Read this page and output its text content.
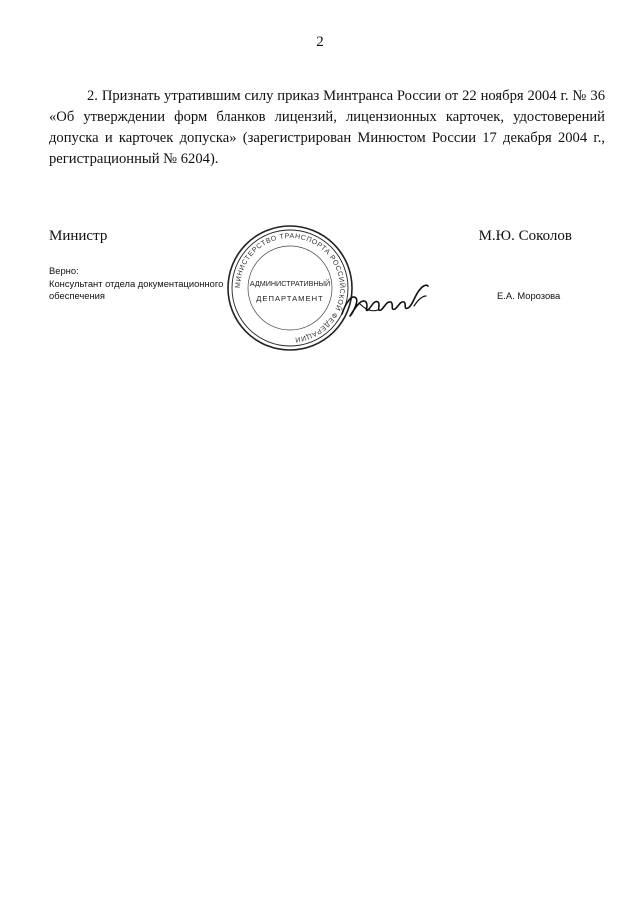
2

2. Признать утратившим силу приказ Минтранса России от 22 ноября 2004 г. № 36 «Об утверждении форм бланков лицензий, лицензионных карточек, удостоверений допуска и карточек допуска» (зарегистрирован Минюстом России 17 декабря 2004 г., регистрационный № 6204).

Министр	М.Ю. Соколов
Верно:
Консультант отдела документационного
обеспечения	Е.А. Морозова
МИНИСТЕРСТВО ТРАНСПОРТА РОССИЙСКОЙ ФЕДЕРАЦИИ
АДМИНИСТРАТИВНЫЙ
ДЕПАРТАМЕНТ
